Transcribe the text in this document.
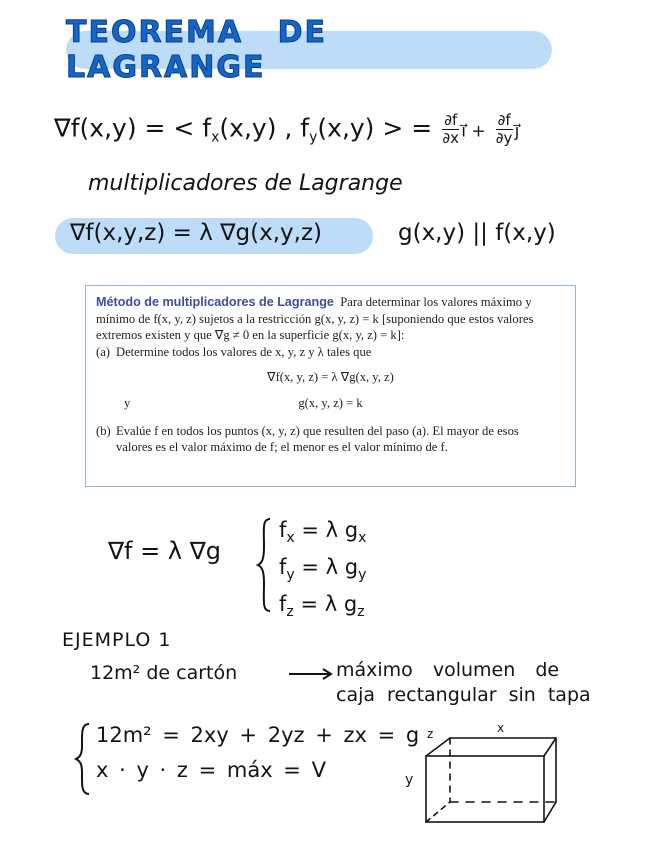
TEOREMA DE LAGRANGE
∇f(x,y) = < $f_x(x,y)$ , $f_y(x,y)$ > = $\frac{\partial f}{\partial x}$ i⃗ + $\frac{\partial f}{\partial y}$ j⃗
multiplicadores de Lagrange
∇f(x,y,z) = λ ∇g(x,y,z)	g(x,y) || f(x,y)
Método de multiplicadores de Lagrange Para determinar los valores máximo y
mínimo de f(x, y, z) sujetos a la restricción g(x, y, z) = k [suponiendo que estos valores
extremos existen y que ∇g ≠ 0 en la superficie g(x, y, z) = k]:
(a) Determine todos los valores de x, y, z y λ tales que
∇f(x, y, z) = λ ∇g(x, y, z)
y	g(x, y, z) = k
(b) Evalúe f en todos los puntos (x, y, z) que resulten del paso (a). El mayor de esos
valores es el valor máximo de f; el menor es el valor mínimo de f.
∇f = λ ∇g
$f_x = \lambda$ $g_x$
$f_y = \lambda$ $g_y$
$f_z = \lambda$ $g_z$
EJEMPLO 1
12m² de cartón	máximo volumen de
caja rectangular sin tapa
12m² = 2xy + 2yz + zx = g
x · y · z = máx = V
z	x
y
